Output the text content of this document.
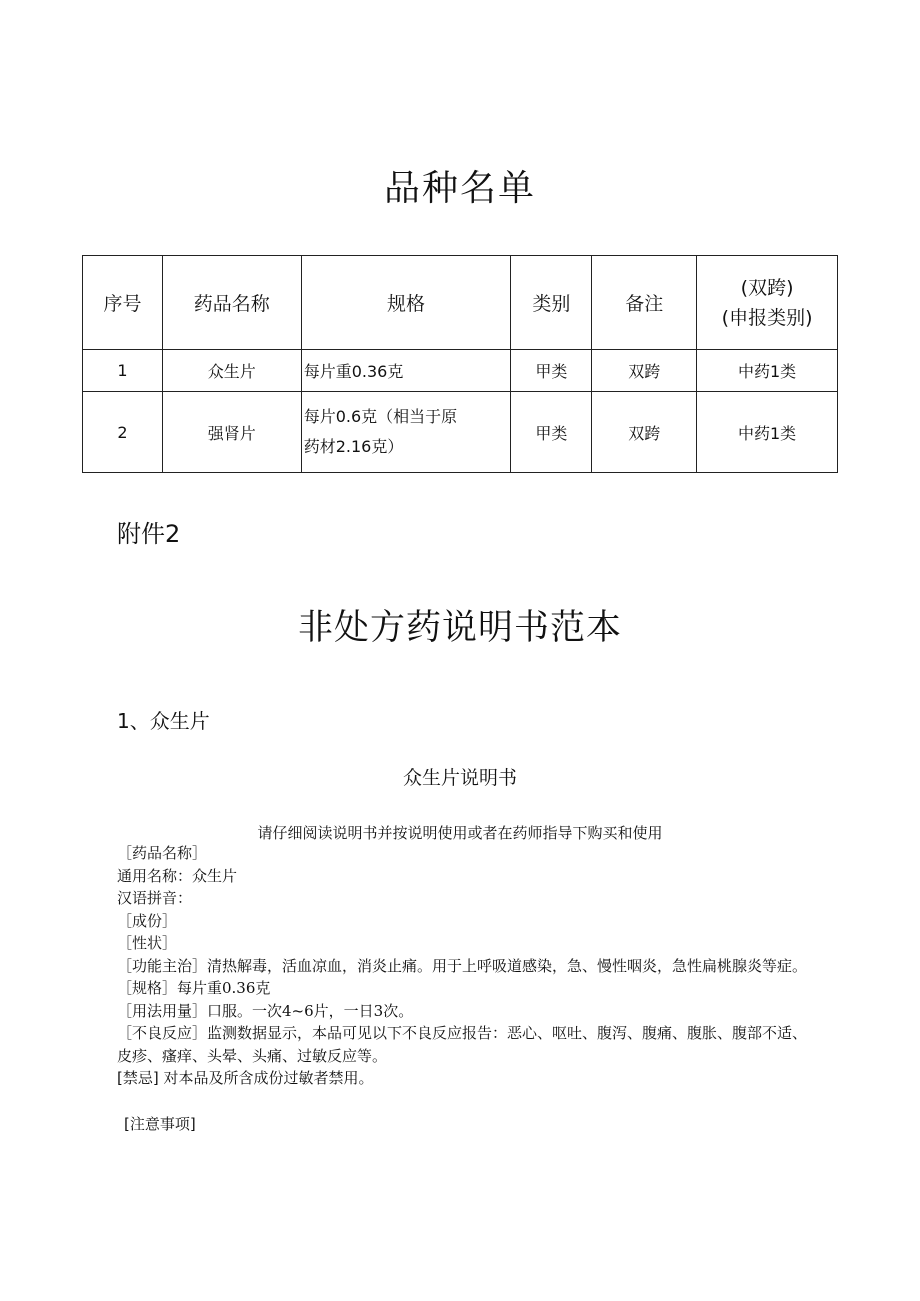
品种名单
序号	药品名称	规格	类别	备注	(双跨)
(申报类别)

1	众生片	每片重0.36克	甲类	双跨	中药1类
2	强肾片	每片0.6克（相当于原
药材2.16克）	甲类	双跨	中药1类
附件2
非处方药说明书范本
1、众生片
众生片说明书
请仔细阅读说明书并按说明使用或者在药师指导下购买和使用
［药品名称］
通用名称：众生片
汉语拼音：
［成份］
［性状］
［功能主治］清热解毒，活血凉血，消炎止痛。用于上呼吸道感染，急、慢性咽炎，急性扁桃腺炎等症。
［规格］每片重0.36克
［用法用量］口服。一次4~6片，一日3次。
［不良反应］监测数据显示，本品可见以下不良反应报告：恶心、呕吐、腹泻、腹痛、腹胀、腹部不适、
皮疹、瘙痒、头晕、头痛、过敏反应等。
[禁忌] 对本品及所含成份过敏者禁用。
[注意事项]
